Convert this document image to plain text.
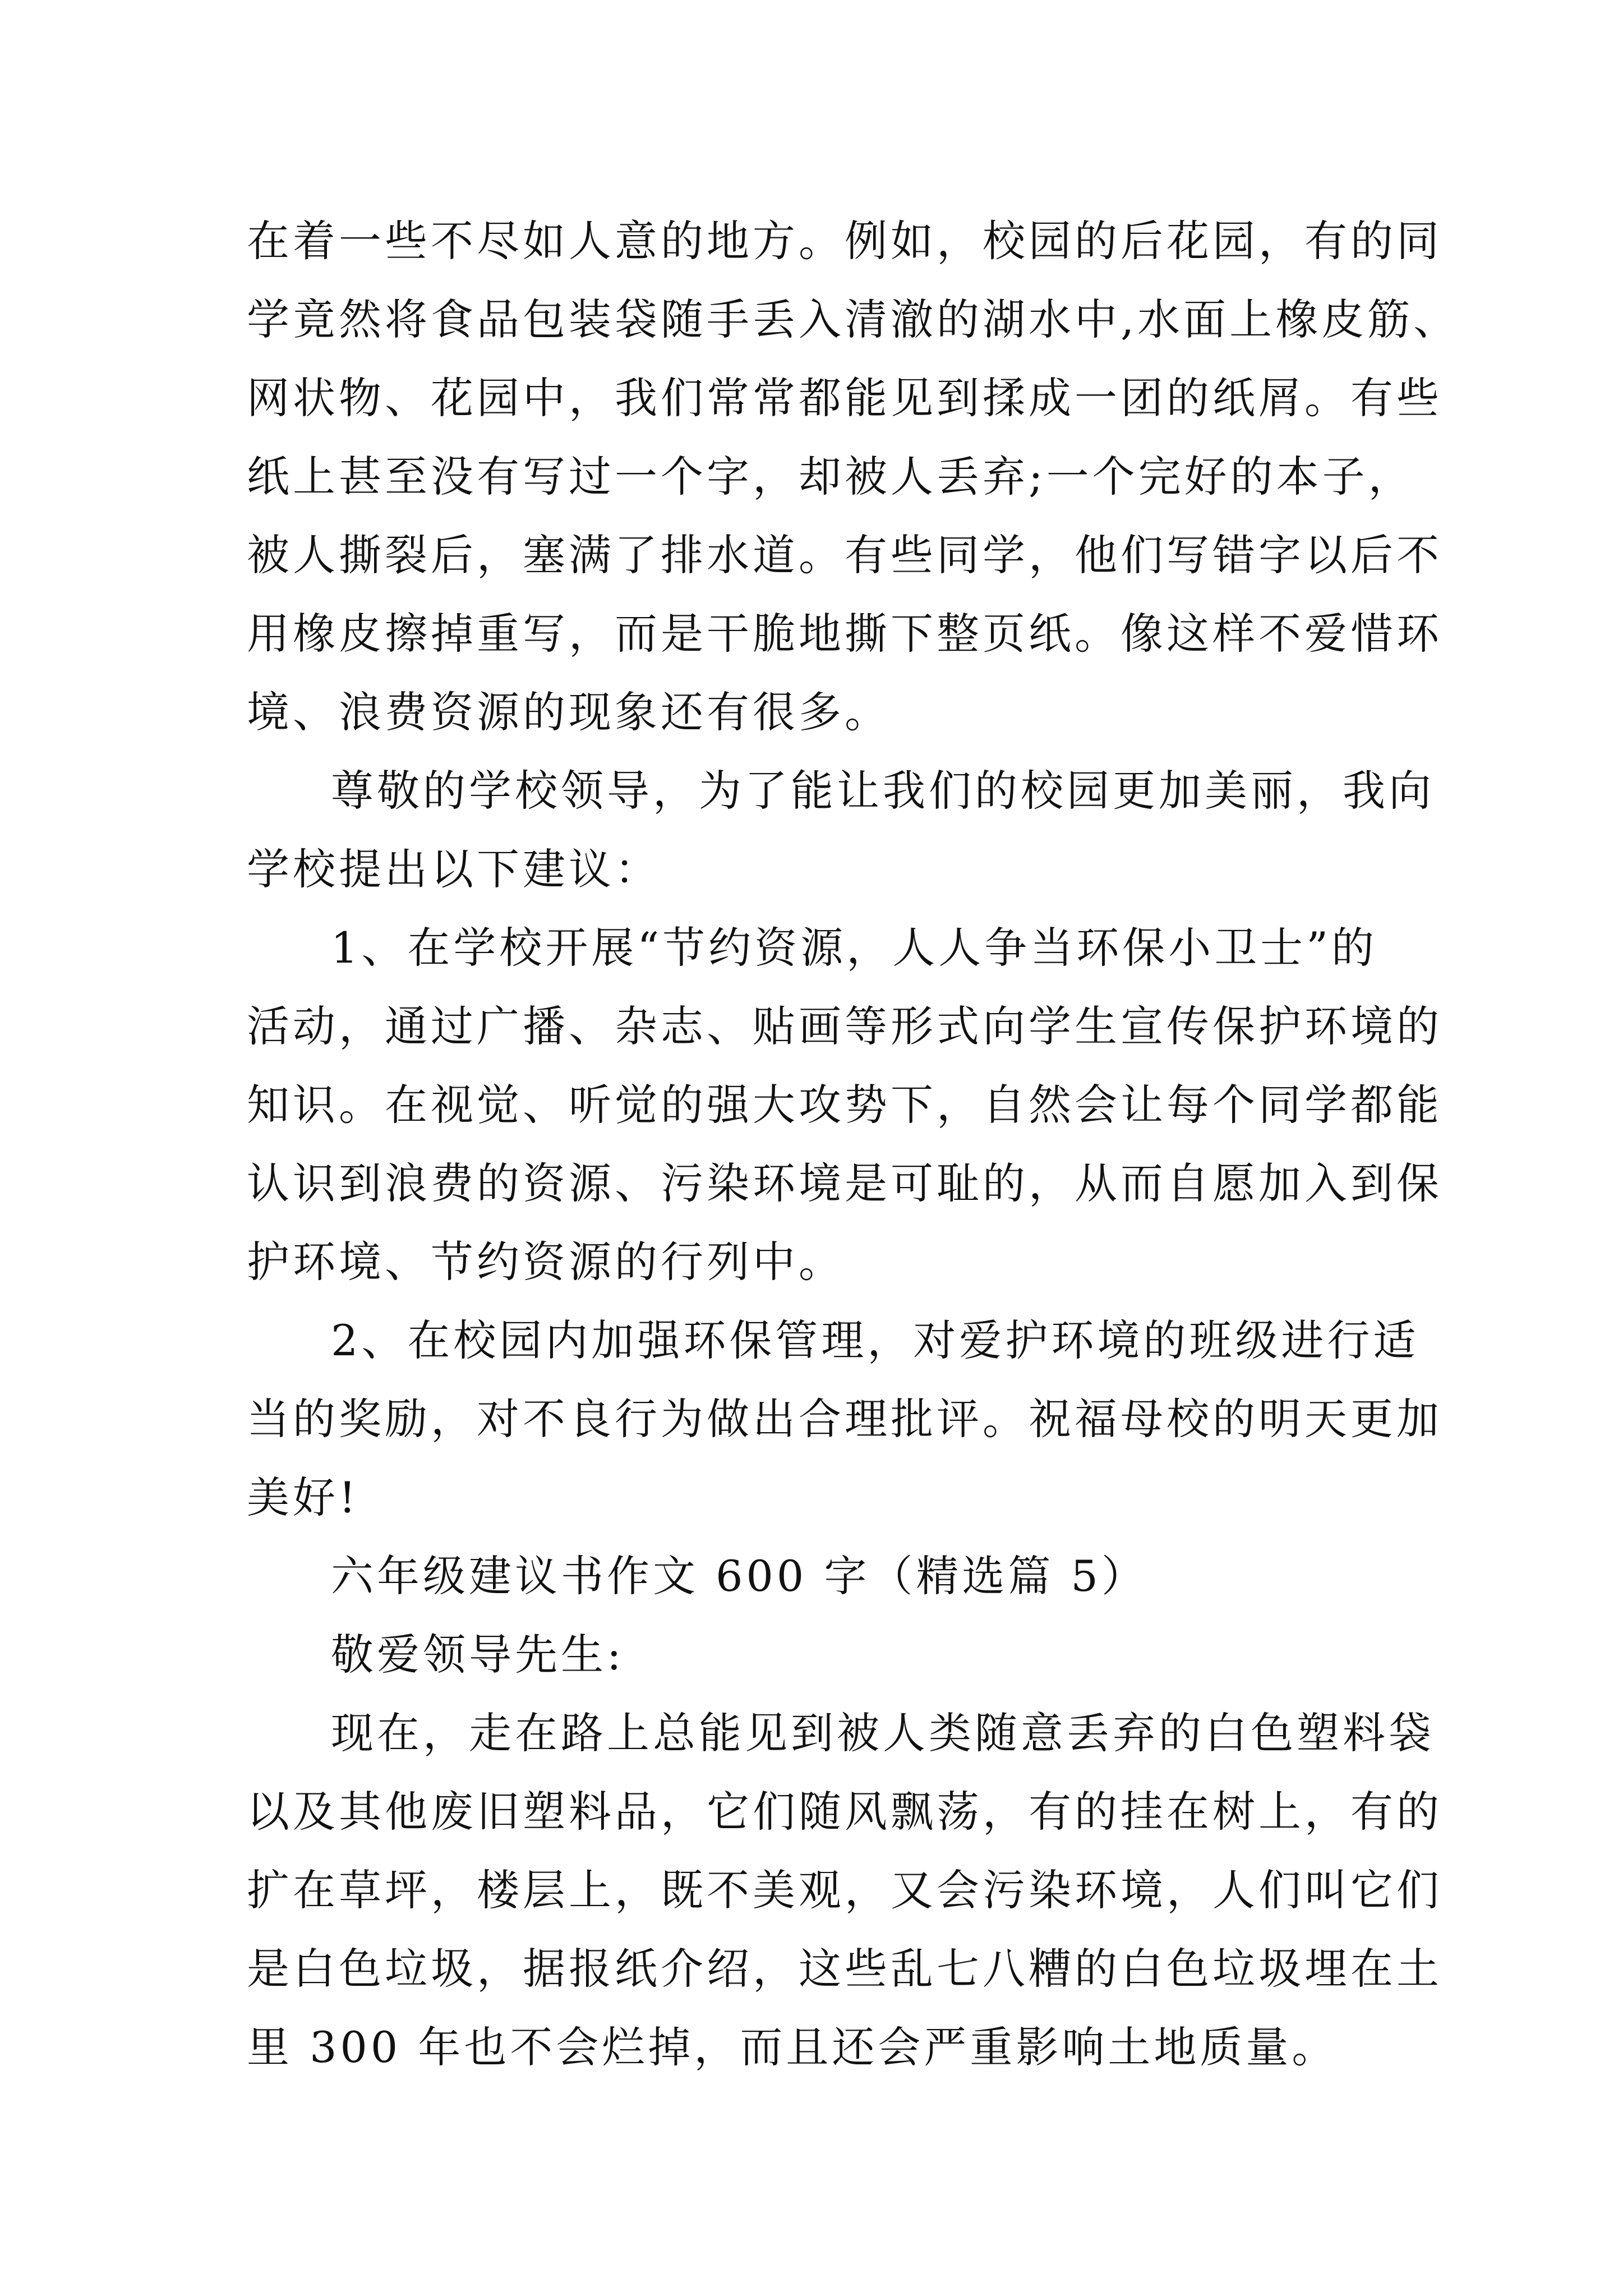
在着一些不尽如人意的地方。例如，校园的后花园，有的同
学竟然将食品包装袋随手丢入清澈的湖水中,水面上橡皮筋、
网状物、花园中，我们常常都能见到揉成一团的纸屑。有些
纸上甚至没有写过一个字，却被人丢弃;一个完好的本子，
被人撕裂后，塞满了排水道。有些同学，他们写错字以后不
用橡皮擦掉重写，而是干脆地撕下整页纸。像这样不爱惜环
境、浪费资源的现象还有很多。
尊敬的学校领导，为了能让我们的校园更加美丽，我向
学校提出以下建议：
1、在学校开展“节约资源，人人争当环保小卫士”的
活动，通过广播、杂志、贴画等形式向学生宣传保护环境的
知识。在视觉、听觉的强大攻势下，自然会让每个同学都能
认识到浪费的资源、污染环境是可耻的，从而自愿加入到保
护环境、节约资源的行列中。
2、在校园内加强环保管理，对爱护环境的班级进行适
当的奖励，对不良行为做出合理批评。祝福母校的明天更加
美好!
六年级建议书作文 600 字（精选篇 5）
敬爱领导先生:
现在，走在路上总能见到被人类随意丢弃的白色塑料袋
以及其他废旧塑料品，它们随风飘荡，有的挂在树上，有的
扩在草坪，楼层上，既不美观，又会污染环境，人们叫它们
是白色垃圾，据报纸介绍，这些乱七八糟的白色垃圾埋在土
里 300 年也不会烂掉，而且还会严重影响土地质量。
